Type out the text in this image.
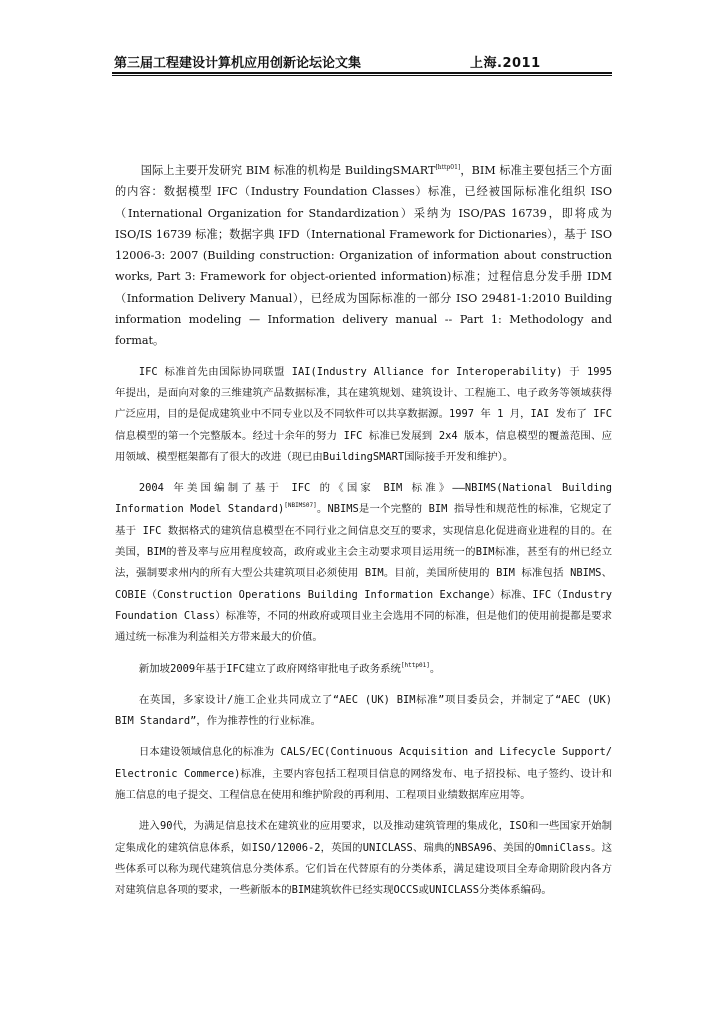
第三届工程建设计算机应用创新论坛论文集	上海.2011

国际上主要开发研究 BIM 标准的机构是 BuildingSMART[http01]，BIM 标准主要包括三个方面的内容：数据模型 IFC（Industry Foundation Classes）标准，已经被国际标准化组织 ISO（International Organization for Standardization）采纳为 ISO/PAS 16739，即将成为 ISO/IS 16739 标准；数据字典 IFD（International Framework for Dictionaries），基于 ISO 12006-3: 2007 (Building construction: Organization of information about construction works, Part 3: Framework for object-oriented information)标准；过程信息分发手册 IDM（Information Delivery Manual），已经成为国际标准的一部分 ISO 29481-1:2010 Building information modeling — Information delivery manual -- Part 1: Methodology and format。

IFC 标准首先由国际协同联盟 IAI(Industry Alliance for Interoperability) 于 1995 年提出，是面向对象的三维建筑产品数据标准，其在建筑规划、建筑设计、工程施工、电子政务等领域获得广泛应用，目的是促成建筑业中不同专业以及不同软件可以共享数据源。1997 年 1 月，IAI 发布了 IFC 信息模型的第一个完整版本。经过十余年的努力 IFC 标准已发展到 2x4 版本，信息模型的覆盖范围、应用领域、模型框架都有了很大的改进（现已由BuildingSMART国际接手开发和维护）。

2004 年美国编制了基于 IFC 的《国家 BIM 标准》——NBIMS(National Building Information Model Standard)[NBIMS07]。NBIMS是一个完整的 BIM 指导性和规范性的标准，它规定了基于 IFC 数据格式的建筑信息模型在不同行业之间信息交互的要求，实现信息化促进商业进程的目的。在美国，BIM的普及率与应用程度较高，政府或业主会主动要求项目运用统一的BIM标准，甚至有的州已经立法，强制要求州内的所有大型公共建筑项目必须使用 BIM。目前，美国所使用的 BIM 标准包括 NBIMS、COBIE（Construction Operations Building Information Exchange）标准、IFC（Industry Foundation Class）标准等，不同的州政府或项目业主会选用不同的标准，但是他们的使用前提都是要求通过统一标准为利益相关方带来最大的价值。

新加坡2009年基于IFC建立了政府网络审批电子政务系统[http01]。

在英国，多家设计/施工企业共同成立了“AEC (UK) BIM标准”项目委员会，并制定了“AEC (UK) BIM Standard”，作为推荐性的行业标准。

日本建设领域信息化的标准为 CALS/EC(Continuous Acquisition and Lifecycle Support/ Electronic Commerce)标准，主要内容包括工程项目信息的网络发布、电子招投标、电子签约、设计和施工信息的电子提交、工程信息在使用和维护阶段的再利用、工程项目业绩数据库应用等。

进入90代，为满足信息技术在建筑业的应用要求，以及推动建筑管理的集成化，ISO和一些国家开始制定集成化的建筑信息体系，如ISO/12006-2，英国的UNICLASS、瑞典的NBSA96、美国的OmniClass。这些体系可以称为现代建筑信息分类体系。它们旨在代替原有的分类体系，满足建设项目全寿命期阶段内各方对建筑信息各项的要求，一些新版本的BIM建筑软件已经实现OCCS或UNICLASS分类体系编码。
